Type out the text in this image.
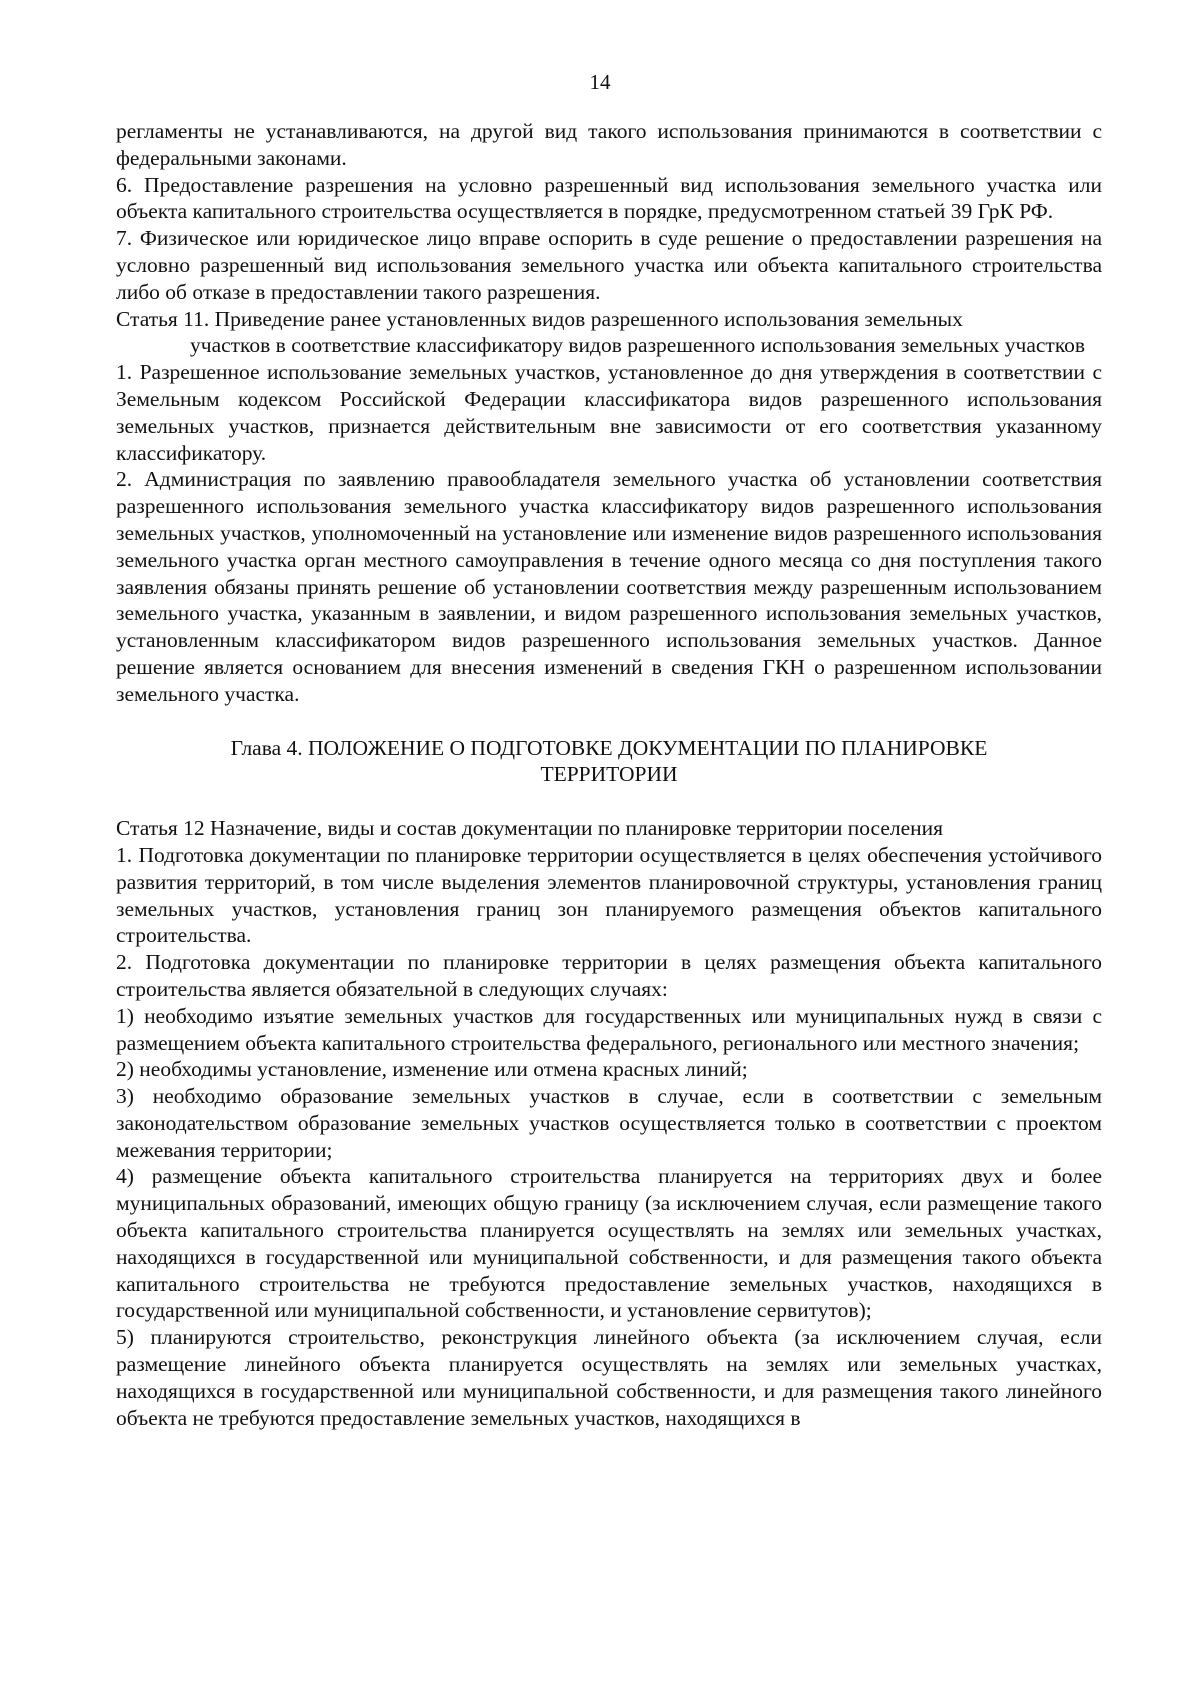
14

регламенты не устанавливаются, на другой вид такого использования принимаются в соответствии с федеральными законами.

6. Предоставление разрешения на условно разрешенный вид использования земельного участка или объекта капитального строительства осуществляется в порядке, предусмотренном статьей 39 ГрК РФ.

7. Физическое или юридическое лицо вправе оспорить в суде решение о предоставлении разрешения на условно разрешенный вид использования земельного участка или объекта капитального строительства либо об отказе в предоставлении такого разрешения.

Статья 11. Приведение ранее установленных видов разрешенного использования земельных
участков в соответствие классификатору видов разрешенного использования земельных участков

1. Разрешенное использование земельных участков, установленное до дня утверждения в соответствии с Земельным кодексом Российской Федерации классификатора видов разрешенного использования земельных участков, признается действительным вне зависимости от его соответствия указанному классификатору.

2. Администрация по заявлению правообладателя земельного участка об установлении соответствия разрешенного использования земельного участка классификатору видов разрешенного использования земельных участков, уполномоченный на установление или изменение видов разрешенного использования земельного участка орган местного самоуправления в течение одного месяца со дня поступления такого заявления обязаны принять решение об установлении соответствия между разрешенным использованием земельного участка, указанным в заявлении, и видом разрешенного использования земельных участков, установленным классификатором видов разрешенного использования земельных участков. Данное решение является основанием для внесения изменений в сведения ГКН о разрешенном использовании земельного участка.

Глава 4. ПОЛОЖЕНИЕ О ПОДГОТОВКЕ ДОКУМЕНТАЦИИ ПО ПЛАНИРОВКЕ
ТЕРРИТОРИИ

Статья 12 Назначение, виды и состав документации по планировке территории поселения

1. Подготовка документации по планировке территории осуществляется в целях обеспечения устойчивого развития территорий, в том числе выделения элементов планировочной структуры, установления границ земельных участков, установления границ зон планируемого размещения объектов капитального строительства.

2. Подготовка документации по планировке территории в целях размещения объекта капитального строительства является обязательной в следующих случаях:

1) необходимо изъятие земельных участков для государственных или муниципальных нужд в связи с размещением объекта капитального строительства федерального, регионального или местного значения;

2) необходимы установление, изменение или отмена красных линий;

3) необходимо образование земельных участков в случае, если в соответствии с земельным законодательством образование земельных участков осуществляется только в соответствии с проектом межевания территории;

4) размещение объекта капитального строительства планируется на территориях двух и более муниципальных образований, имеющих общую границу (за исключением случая, если размещение такого объекта капитального строительства планируется осуществлять на землях или земельных участках, находящихся в государственной или муниципальной собственности, и для размещения такого объекта капитального строительства не требуются предоставление земельных участков, находящихся в государственной или муниципальной собственности, и установление сервитутов);

5) планируются строительство, реконструкция линейного объекта (за исключением случая, если размещение линейного объекта планируется осуществлять на землях или земельных участках, находящихся в государственной или муниципальной собственности, и для размещения такого линейного объекта не требуются предоставление земельных участков, находящихся в
